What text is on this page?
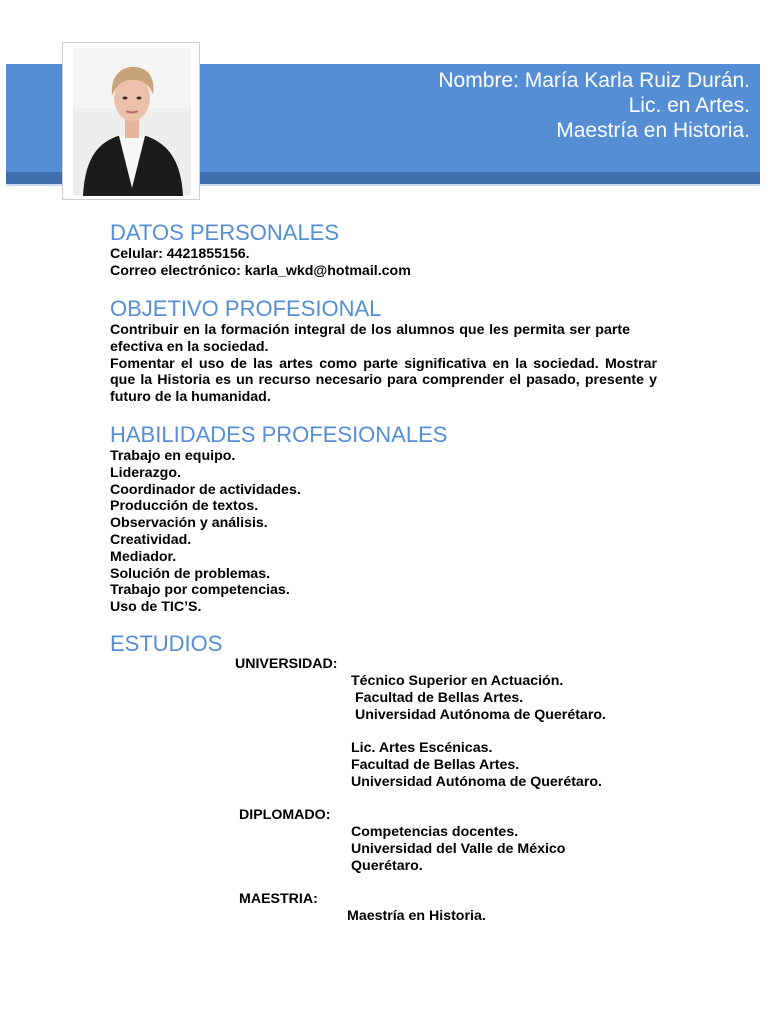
Nombre: María Karla Ruiz Durán.
Lic. en Artes.
Maestría en Historia.
DATOS PERSONALES
Celular: 4421855156.
Correo electrónico: karla_wkd@hotmail.com
OBJETIVO PROFESIONAL
Contribuir en la formación integral de los alumnos que les permita ser parte efectiva en la sociedad.
Fomentar el uso de las artes como parte significativa en la sociedad. Mostrar que la Historia es un recurso necesario para comprender el pasado, presente y futuro de la humanidad.
HABILIDADES PROFESIONALES
Trabajo en equipo.
Liderazgo.
Coordinador de actividades.
Producción de textos.
Observación y análisis.
Creatividad.
Mediador.
Solución de problemas.
Trabajo por competencias.
Uso de TIC’S.
ESTUDIOS
UNIVERSIDAD:
Técnico Superior en Actuación.
Facultad de Bellas Artes.
Universidad Autónoma de Querétaro.
Lic. Artes Escénicas.
Facultad de Bellas Artes.
Universidad Autónoma de Querétaro.
DIPLOMADO:
Competencias docentes.
Universidad del Valle de México
Querétaro.
MAESTRIA:
Maestría en Historia.
